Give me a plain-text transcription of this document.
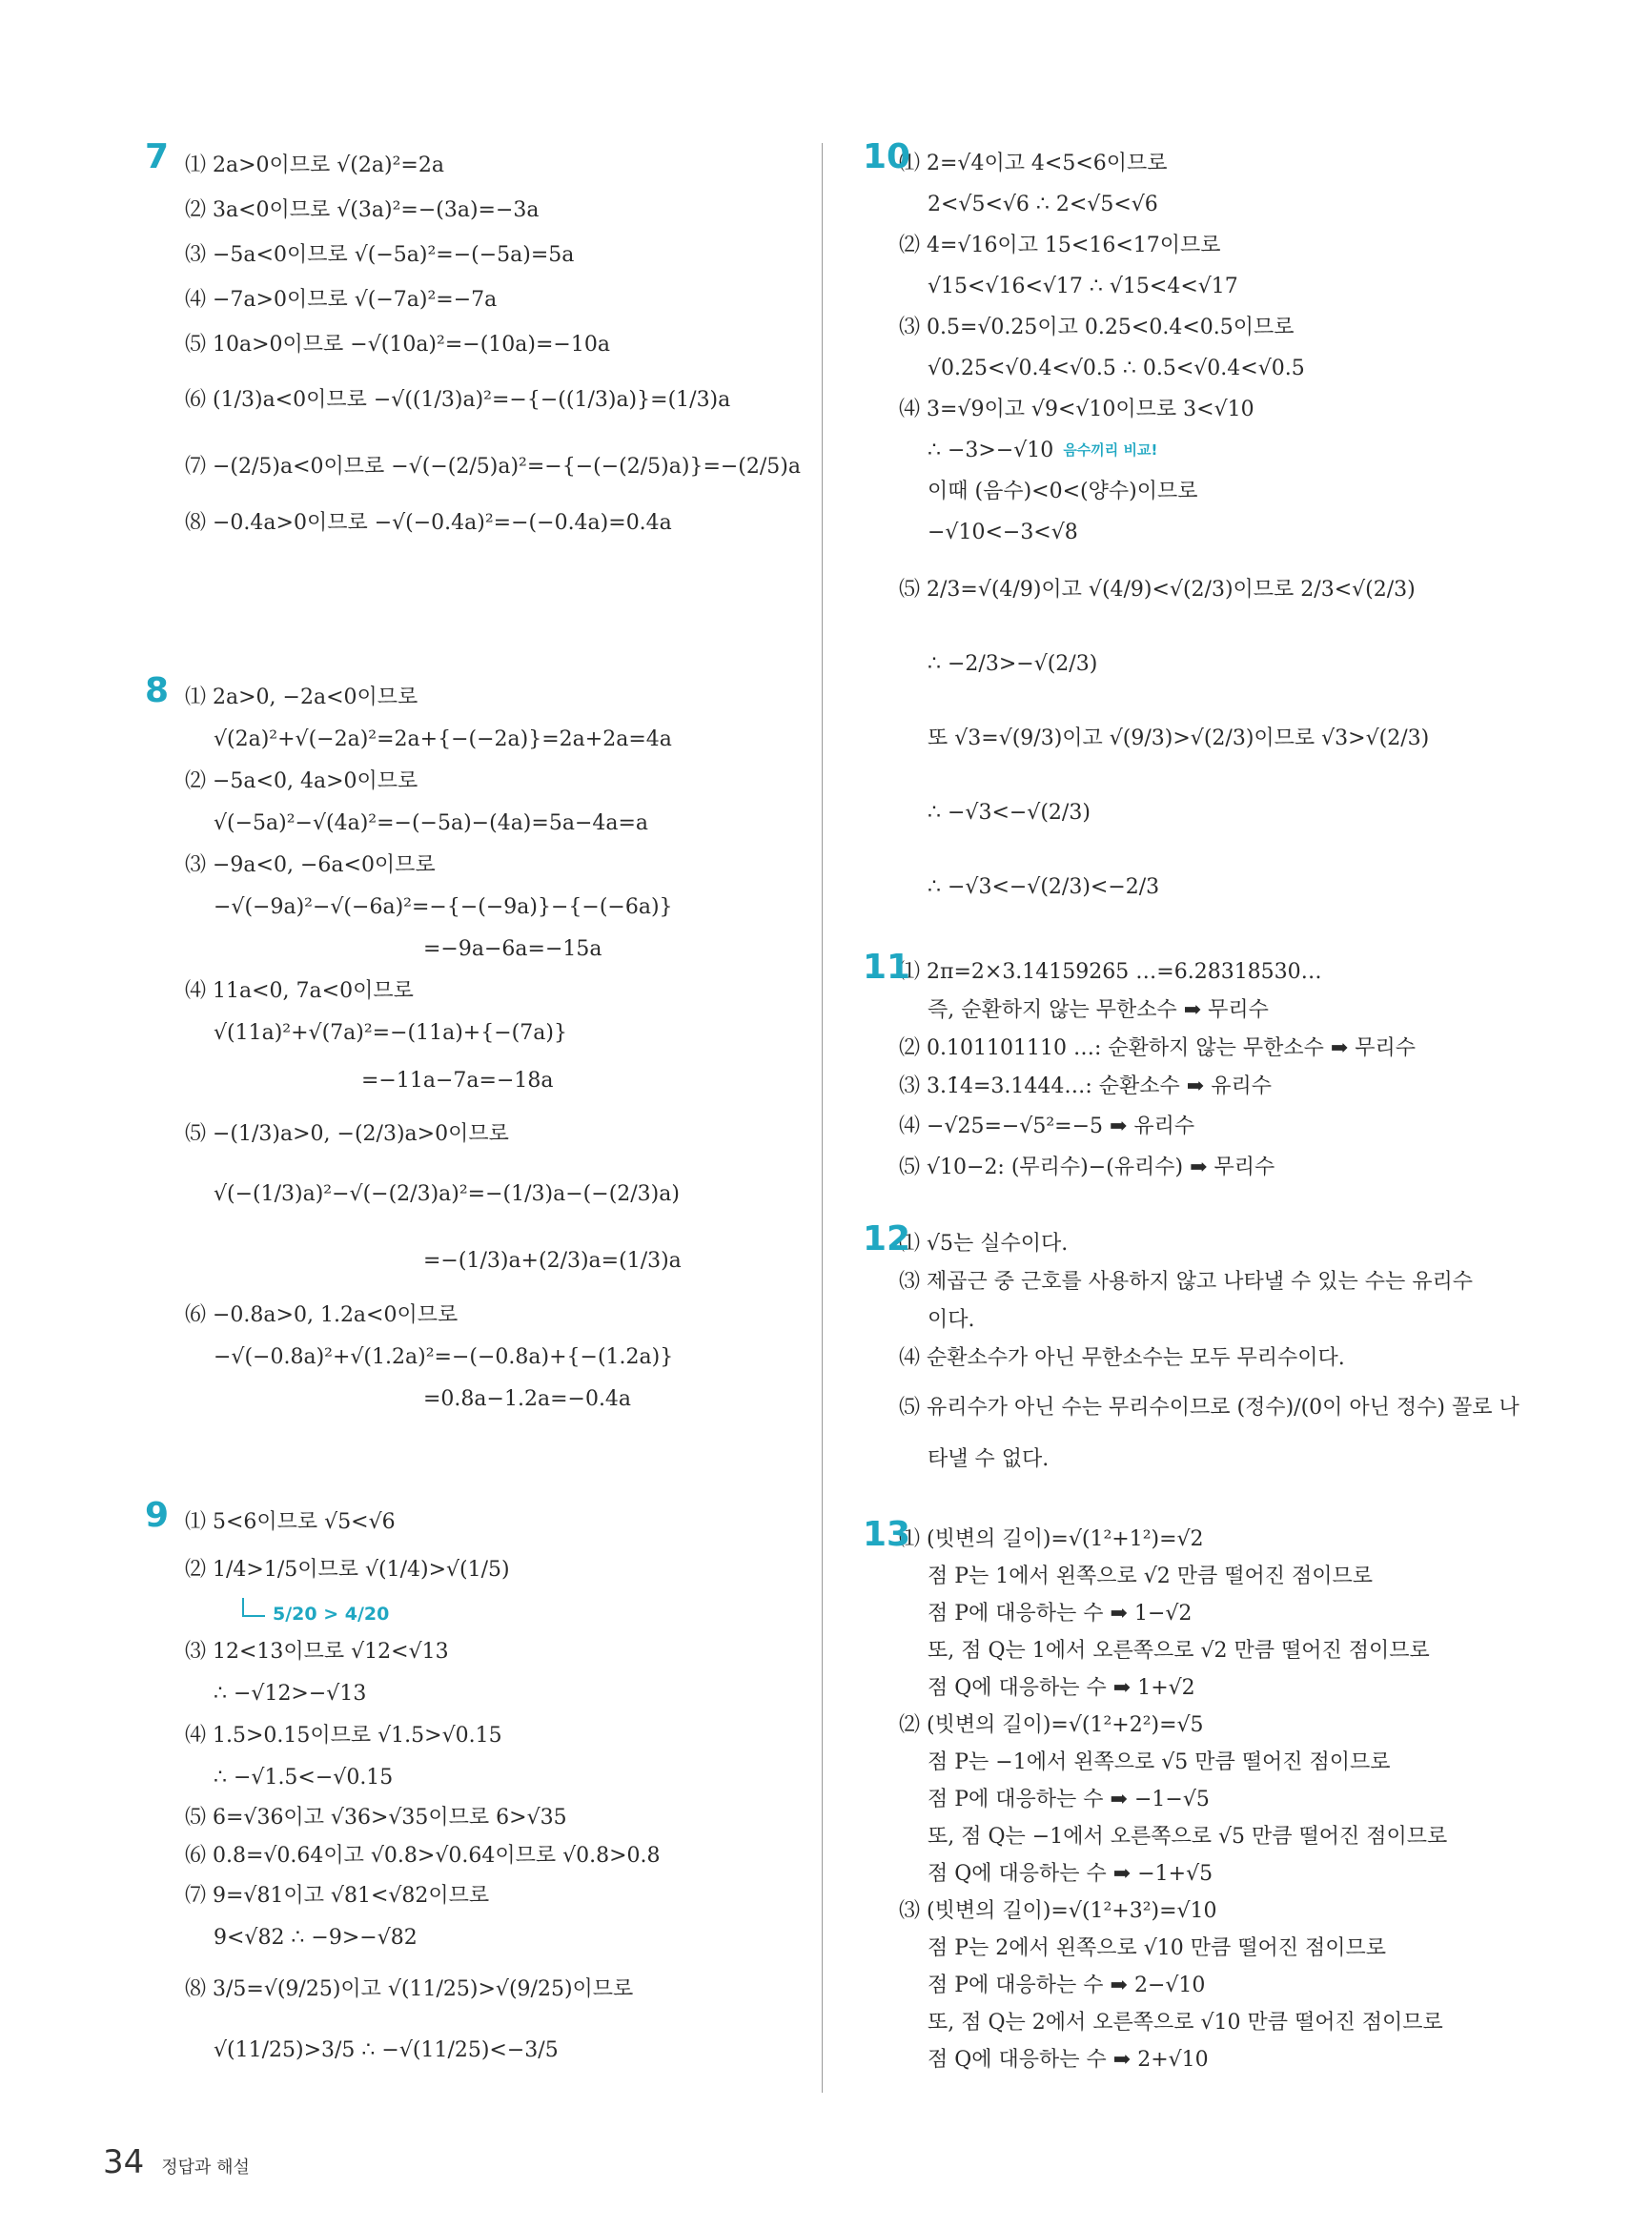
7 ⑴ 2a>0이므로 √(2a)²=2a
⑵ 3a<0이므로 √(3a)²=−(3a)=−3a
⑶ −5a<0이므로 √(−5a)²=−(−5a)=5a
⑷ −7a>0이므로 √(−7a)²=−7a
⑸ 10a>0이므로 −√(10a)²=−(10a)=−10a
⑹ (1/3)a<0이므로 −√((1/3)a)²=−{−((1/3)a)}=(1/3)a
⑺ −(2/5)a<0이므로 −√(−(2/5)a)²=−{−(−(2/5)a)}=−(2/5)a
⑻ −0.4a>0이므로 −√(−0.4a)²=−(−0.4a)=0.4a
8 ⑴ 2a>0, −2a<0이므로
√(2a)²+√(−2a)²=2a+{−(−2a)}=2a+2a=4a
⑵ −5a<0, 4a>0이므로
√(−5a)²−√(4a)²=−(−5a)−(4a)=5a−4a=a
⑶ −9a<0, −6a<0이므로
−√(−9a)²−√(−6a)²=−{−(−9a)}−{−(−6a)}
=−9a−6a=−15a
⑷ 11a<0, 7a<0이므로
√(11a)²+√(7a)²=−(11a)+{−(7a)}
=−11a−7a=−18a
⑸ −(1/3)a>0, −(2/3)a>0이므로
√(−(1/3)a)²−√(−(2/3)a)²=−(1/3)a−(−(2/3)a)
=−(1/3)a+(2/3)a=(1/3)a
⑹ −0.8a>0, 1.2a<0이므로
−√(−0.8a)²+√(1.2a)²=−(−0.8a)+{−(1.2a)}
=0.8a−1.2a=−0.4a
9 ⑴ 5<6이므로 √5<√6
⑵ 1/4>1/5이므로 √(1/4)>√(1/5)
5/20 > 4/20
⑶ 12<13이므로 √12<√13
∴ −√12>−√13
⑷ 1.5>0.15이므로 √1.5>√0.15
∴ −√1.5<−√0.15
⑸ 6=√36이고 √36>√35이므로 6>√35
⑹ 0.8=√0.64이고 √0.8>√0.64이므로 √0.8>0.8
⑺ 9=√81이고 √81<√82이므로
9<√82 ∴ −9>−√82
⑻ 3/5=√(9/25)이고 √(11/25)>√(9/25)이므로
√(11/25)>3/5 ∴ −√(11/25)<−3/5
10
⑴ 2=√4이고 4<5<6이므로
2<√5<√6 ∴ 2<√5<√6
⑵ 4=√16이고 15<16<17이므로
√15<√16<√17 ∴ √15<4<√17
⑶ 0.5=√0.25이고 0.25<0.4<0.5이므로
√0.25<√0.4<√0.5 ∴ 0.5<√0.4<√0.5
⑷ 3=√9이고 √9<√10이므로 3<√10
∴ −3>−√10 음수끼리 비교!
이때 (음수)<0<(양수)이므로
−√10<−3<√8
⑸ 2/3=√(4/9)이고 √(4/9)<√(2/3)이므로 2/3<√(2/3)
∴ −2/3>−√(2/3)
또 √3=√(9/3)이고 √(9/3)>√(2/3)이므로 √3>√(2/3)
∴ −√3<−√(2/3)
∴ −√3<−√(2/3)<−2/3
11
⑴ 2π=2×3.14159265 …=6.28318530…
즉, 순환하지 않는 무한소수 ➡ 무리수
⑵ 0.101101110 …: 순환하지 않는 무한소수 ➡ 무리수
⑶ 3.1̇4̇=3.1444…: 순환소수 ➡ 유리수
⑷ −√25=−√5²=−5 ➡ 유리수
⑸ √10−2: (무리수)−(유리수) ➡ 무리수
12
⑴ √5는 실수이다.
⑶ 제곱근 중 근호를 사용하지 않고 나타낼 수 있는 수는 유리수
이다.
⑷ 순환소수가 아닌 무한소수는 모두 무리수이다.
⑸ 유리수가 아닌 수는 무리수이므로 (정수)/(0이 아닌 정수) 꼴로 나
타낼 수 없다.
13
⑴ (빗변의 길이)=√(1²+1²)=√2
점 P는 1에서 왼쪽으로 √2 만큼 떨어진 점이므로
점 P에 대응하는 수 ➡ 1−√2
또, 점 Q는 1에서 오른쪽으로 √2 만큼 떨어진 점이므로
점 Q에 대응하는 수 ➡ 1+√2
⑵ (빗변의 길이)=√(1²+2²)=√5
점 P는 −1에서 왼쪽으로 √5 만큼 떨어진 점이므로
점 P에 대응하는 수 ➡ −1−√5
또, 점 Q는 −1에서 오른쪽으로 √5 만큼 떨어진 점이므로
점 Q에 대응하는 수 ➡ −1+√5
⑶ (빗변의 길이)=√(1²+3²)=√10
점 P는 2에서 왼쪽으로 √10 만큼 떨어진 점이므로
점 P에 대응하는 수 ➡ 2−√10
또, 점 Q는 2에서 오른쪽으로 √10 만큼 떨어진 점이므로
점 Q에 대응하는 수 ➡ 2+√10
34 정답과 해설
